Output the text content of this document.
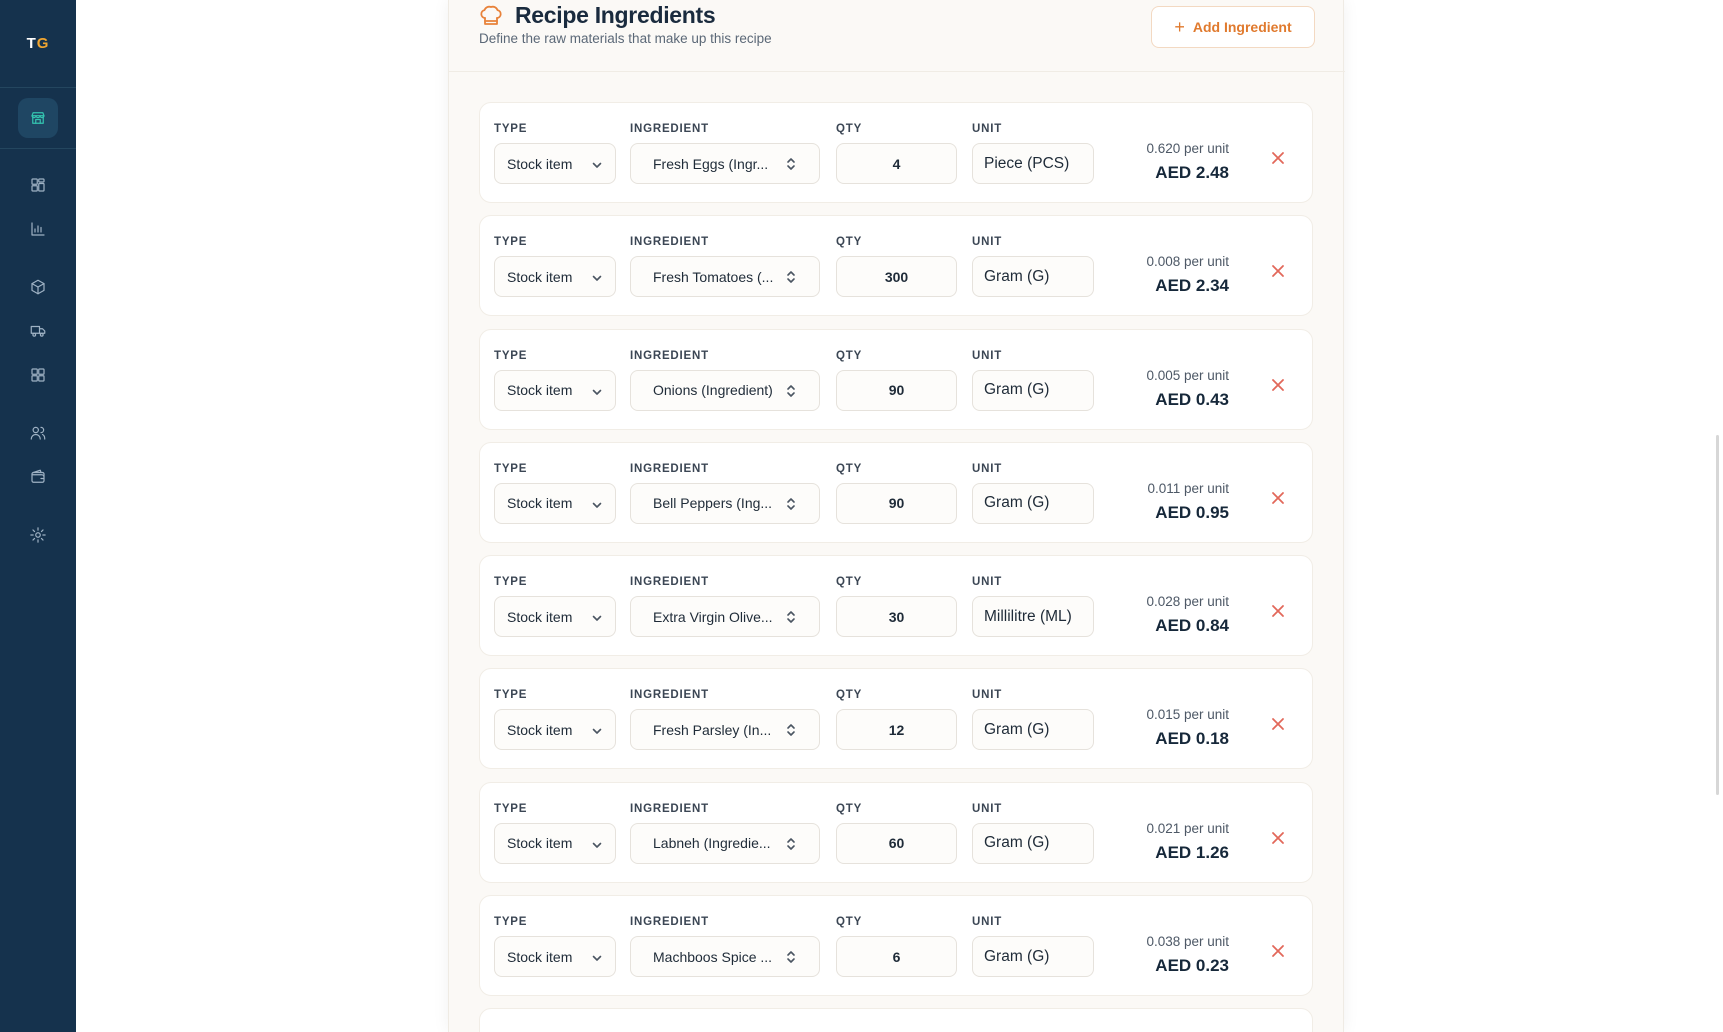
T G
Recipe Ingredients

Define the raw materials that make up this recipe

+ Add Ingredient
TYPE	INGREDIENT	QTY	UNIT
Stock item	Fresh Eggs (Ingr...	4	Piece (PCS)
0.620 per unit
AED 2.48
TYPE	INGREDIENT	QTY	UNIT
Stock item	Fresh Tomatoes (...	300	Gram (G)
0.008 per unit
AED 2.34
TYPE	INGREDIENT	QTY	UNIT
Stock item	Onions (Ingredient)	90	Gram (G)
0.005 per unit
AED 0.43
TYPE	INGREDIENT	QTY	UNIT
Stock item	Bell Peppers (Ing...	90	Gram (G)
0.011 per unit
AED 0.95
TYPE	INGREDIENT	QTY	UNIT
Stock item	Extra Virgin Olive...	30	Millilitre (ML)
0.028 per unit
AED 0.84
TYPE	INGREDIENT	QTY	UNIT
Stock item	Fresh Parsley (In...	12	Gram (G)
0.015 per unit
AED 0.18
TYPE	INGREDIENT	QTY	UNIT
Stock item	Labneh (Ingredie...	60	Gram (G)
0.021 per unit
AED 1.26
TYPE	INGREDIENT	QTY	UNIT
Stock item	Machboos Spice ...	6	Gram (G)
0.038 per unit
AED 0.23
